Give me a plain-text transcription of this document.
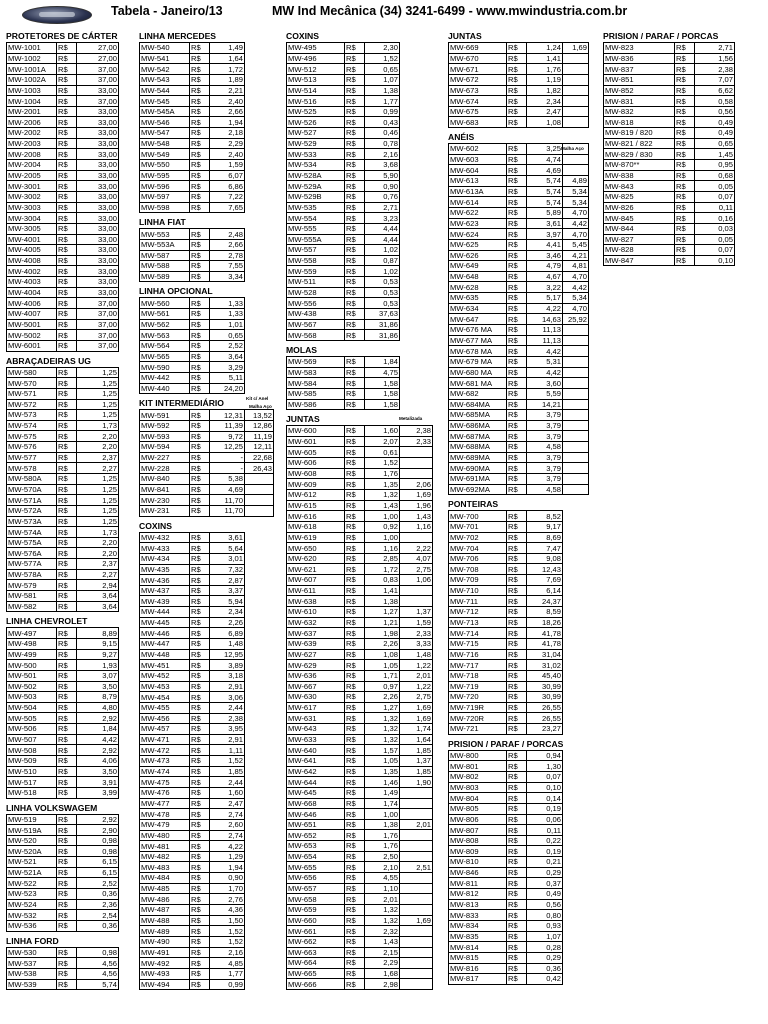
Tabela - Janeiro/13	MW Ind Mecânica (34) 3241-6499 - www.mwindustria.com.br
PROTETORES DE CÁRTER
MW-1001	R$	27,00
MW-1002	R$	27,00
MW-1001A	R$	37,00
MW-1002A	R$	37,00
MW-1003	R$	33,00
MW-1004	R$	37,00
MW-2001	R$	33,00
MW-2006	R$	33,00
MW-2002	R$	33,00
MW-2003	R$	33,00
MW-2008	R$	33,00
MW-2004	R$	33,00
MW-2005	R$	33,00
MW-3001	R$	33,00
MW-3002	R$	33,00
MW-3003	R$	33,00
MW-3004	R$	33,00
MW-3005	R$	33,00
MW-4001	R$	33,00
MW-4005	R$	33,00
MW-4008	R$	33,00
MW-4002	R$	33,00
MW-4003	R$	33,00
MW-4004	R$	33,00
MW-4006	R$	37,00
MW-4007	R$	37,00
MW-5001	R$	37,00
MW-5002	R$	37,00
MW-6001	R$	37,00
ABRAÇADEIRAS UG
MW-580	R$	1,25
MW-570	R$	1,25
MW-571	R$	1,25
MW-572	R$	1,25
MW-573	R$	1,25
MW-574	R$	1,73
MW-575	R$	2,20
MW-576	R$	2,20
MW-577	R$	2,37
MW-578	R$	2,27
MW-580A	R$	1,25
MW-570A	R$	1,25
MW-571A	R$	1,25
MW-572A	R$	1,25
MW-573A	R$	1,25
MW-574A	R$	1,73
MW-575A	R$	2,20
MW-576A	R$	2,20
MW-577A	R$	2,37
MW-578A	R$	2,27
MW-579	R$	2,94
MW-581	R$	3,64
MW-582	R$	3,64
LINHA CHEVROLET
MW-497	R$	8,89
MW-498	R$	9,15
MW-499	R$	9,27
MW-500	R$	1,93
MW-501	R$	3,07
MW-502	R$	3,50
MW-503	R$	8,79
MW-504	R$	4,80
MW-505	R$	2,92
MW-506	R$	1,84
MW-507	R$	4,42
MW-508	R$	2,92
MW-509	R$	4,06
MW-510	R$	3,50
MW-517	R$	3,91
MW-518	R$	3,99
LINHA VOLKSWAGEM
MW-519	R$	2,92
MW-519A	R$	2,90
MW-520	R$	0,98
MW-520A	R$	0,98
MW-521	R$	6,15
MW-521A	R$	6,15
MW-522	R$	2,52
MW-523	R$	0,36
MW-524	R$	2,36
MW-532	R$	2,54
MW-536	R$	0,36
LINHA FORD
MW-530	R$	0,98
MW-537	R$	4,56
MW-538	R$	4,56
MW-539	R$	5,74
LINHA MERCEDES
MW-540	R$	1,49
MW-541	R$	1,64
MW-542	R$	1,72
MW-543	R$	1,89
MW-544	R$	2,21
MW-545	R$	2,40
MW-545A	R$	2,66
MW-546	R$	1,94
MW-547	R$	2,18
MW-548	R$	2,29
MW-549	R$	2,40
MW-550	R$	1,59
MW-595	R$	6,07
MW-596	R$	6,86
MW-597	R$	7,22
MW-598	R$	7,65
LINHA FIAT
MW-553	R$	2,48
MW-553A	R$	2,66
MW-587	R$	2,78
MW-588	R$	7,55
MW-589	R$	3,34
LINHA OPCIONAL
MW-560	R$	1,33
MW-561	R$	1,33
MW-562	R$	1,01
MW-563	R$	0,65
MW-564	R$	2,52
MW-565	R$	3,64
MW-590	R$	3,29
MW-442	R$	5,11
MW-440	R$	24,20
KIT INTERMEDIÁRIO
MW-591	R$	12,31	13,52
MW-592	R$	11,39	12,86
MW-593	R$	9,72	11,19
MW-594	R$	12,25	12,11
MW-227	R$	-	22,68
MW-228	R$	-	26,43
MW-840	R$	5,38	
MW-841	R$	4,69	
MW-230	R$	11,70	
MW-231	R$	11,70	
Kit c/ Anel
Malha Aço
COXINS
MW-432	R$	3,61
MW-433	R$	5,64
MW-434	R$	3,01
MW-435	R$	7,32
MW-436	R$	2,87
MW-437	R$	3,37
MW-439	R$	5,94
MW-444	R$	2,34
MW-445	R$	2,26
MW-446	R$	6,89
MW-447	R$	1,48
MW-448	R$	12,95
MW-451	R$	3,89
MW-452	R$	3,18
MW-453	R$	2,91
MW-454	R$	3,06
MW-455	R$	2,44
MW-456	R$	2,38
MW-457	R$	3,95
MW-471	R$	2,91
MW-472	R$	1,11
MW-473	R$	1,52
MW-474	R$	1,85
MW-475	R$	2,44
MW-476	R$	1,60
MW-477	R$	2,47
MW-478	R$	2,74
MW-479	R$	2,60
MW-480	R$	2,74
MW-481	R$	4,22
MW-482	R$	1,29
MW-483	R$	1,94
MW-484	R$	0,90
MW-485	R$	1,70
MW-486	R$	2,76
MW-487	R$	4,36
MW-488	R$	1,50
MW-489	R$	1,52
MW-490	R$	1,52
MW-491	R$	2,16
MW-492	R$	4,85
MW-493	R$	1,77
MW-494	R$	0,99
COXINS
MW-495	R$	2,30
MW-496	R$	1,52
MW-512	R$	0,65
MW-513	R$	1,07
MW-514	R$	1,38
MW-516	R$	1,77
MW-525	R$	0,99
MW-526	R$	0,43
MW-527	R$	0,46
MW-529	R$	0,78
MW-533	R$	2,16
MW-534	R$	3,68
MW-528A	R$	5,90
MW-529A	R$	0,90
MW-529B	R$	0,76
MW-535	R$	2,71
MW-554	R$	3,23
MW-555	R$	4,44
MW-555A	R$	4,44
MW-557	R$	1,02
MW-558	R$	0,87
MW-559	R$	1,02
MW-511	R$	0,53
MW-528	R$	0,53
MW-556	R$	0,53
MW-438	R$	37,63
MW-567	R$	31,86
MW-568	R$	31,86
MOLAS
MW-569	R$	1,84
MW-583	R$	4,75
MW-584	R$	1,58
MW-585	R$	1,58
MW-586	R$	1,58
JUNTAS
MW-600	R$	1,60	2,38
MW-601	R$	2,07	2,33
MW-605	R$	0,61	
MW-606	R$	1,52	
MW-608	R$	1,76	
MW-609	R$	1,35	2,06
MW-612	R$	1,32	1,69
MW-615	R$	1,43	1,96
MW-616	R$	1,00	1,43
MW-618	R$	0,92	1,16
MW-619	R$	1,00	
MW-650	R$	1,16	2,22
MW-620	R$	2,85	4,07
MW-621	R$	1,72	2,75
MW-607	R$	0,83	1,06
MW-611	R$	1,41	
MW-638	R$	1,38	
MW-610	R$	1,27	1,37
MW-632	R$	1,21	1,59
MW-637	R$	1,98	2,33
MW-639	R$	2,26	3,33
MW-627	R$	1,08	1,48
MW-629	R$	1,05	1,22
MW-636	R$	1,71	2,01
MW-667	R$	0,97	1,22
MW-630	R$	2,26	2,75
MW-617	R$	1,27	1,69
MW-631	R$	1,32	1,69
MW-643	R$	1,32	1,74
MW-633	R$	1,32	1,64
MW-640	R$	1,57	1,85
MW-641	R$	1,05	1,37
MW-642	R$	1,35	1,85
MW-644	R$	1,46	1,90
MW-645	R$	1,49	
MW-668	R$	1,74	
MW-646	R$	1,00	
MW-651	R$	1,38	2,01
MW-652	R$	1,76	
MW-653	R$	1,76	
MW-654	R$	2,50	
MW-655	R$	2,10	2,51
MW-656	R$	4,55	
MW-657	R$	1,10	
MW-658	R$	2,01	
MW-659	R$	1,32	
MW-660	R$	1,32	1,69
MW-661	R$	2,32	
MW-662	R$	1,43	
MW-663	R$	2,15	
MW-664	R$	2,29	
MW-665	R$	1,68	
MW-666	R$	2,98	
Metalizada
JUNTAS
MW-669	R$	1,24	1,69
MW-670	R$	1,41	
MW-671	R$	1,76	
MW-672	R$	1,19	
MW-673	R$	1,82	
MW-674	R$	2,34	
MW-675	R$	2,47	
MW-683	R$	1,08	
ANÉIS
MW-602	R$	3,25	
MW-603	R$	4,74	
MW-604	R$	4,69	
MW-613	R$	5,74	4,89
MW-613A	R$	5,74	5,34
MW-614	R$	5,74	5,34
MW-622	R$	5,89	4,70
MW-623	R$	3,61	4,42
MW-624	R$	3,97	4,70
MW-625	R$	4,41	5,45
MW-626	R$	3,46	4,21
MW-649	R$	4,79	4,81
MW-648	R$	4,67	4,70
MW-628	R$	3,22	4,42
MW-635	R$	5,17	5,34
MW-634	R$	4,22	4,70
MW-647	R$	14,63	25,92
MW-676 MA	R$	11,13	
MW-677 MA	R$	11,13	
MW-678 MA	R$	4,42	
MW-679 MA	R$	5,31	
MW-680 MA	R$	4,42	
MW-681 MA	R$	3,60	
MW-682	R$	5,59	
MW-684MA	R$	14,21	
MW-685MA	R$	3,79	
MW-686MA	R$	3,79	
MW-687MA	R$	3,79	
MW-688MA	R$	4,58	
MW-689MA	R$	3,79	
MW-690MA	R$	3,79	
MW-691MA	R$	3,79	
MW-692MA	R$	4,58	
Malha Aço
PONTEIRAS
MW-700	R$	8,52
MW-701	R$	9,17
MW-702	R$	8,69
MW-704	R$	7,47
MW-706	R$	9,08
MW-708	R$	12,43
MW-709	R$	7,69
MW-710	R$	6,14
MW-711	R$	24,37
MW-712	R$	8,59
MW-713	R$	18,26
MW-714	R$	41,78
MW-715	R$	41,78
MW-716	R$	31,04
MW-717	R$	31,02
MW-718	R$	45,40
MW-719	R$	30,99
MW-720	R$	30,99
MW-719R	R$	26,55
MW-720R	R$	26,55
MW-721	R$	23,27
PRISION / PARAF / PORCAS
MW-800	R$	0,94
MW-801	R$	1,30
MW-802	R$	0,07
MW-803	R$	0,10
MW-804	R$	0,14
MW-805	R$	0,19
MW-806	R$	0,06
MW-807	R$	0,11
MW-808	R$	0,22
MW-809	R$	0,19
MW-810	R$	0,21
MW-846	R$	0,29
MW-811	R$	0,37
MW-812	R$	0,49
MW-813	R$	0,56
MW-833	R$	0,80
MW-834	R$	0,93
MW-835	R$	1,07
MW-814	R$	0,28
MW-815	R$	0,29
MW-816	R$	0,36
MW-817	R$	0,42
PRISION / PARAF / PORCAS
MW-823	R$	2,71
MW-836	R$	1,56
MW-837	R$	2,38
MW-851	R$	7,07
MW-852	R$	6,62
MW-831	R$	0,58
MW-832	R$	0,56
MW-818	R$	0,49
MW-819 / 820	R$	0,49
MW-821 / 822	R$	0,65
MW-829 / 830	R$	1,45
MW-870**	R$	0,95
MW-838	R$	0,68
MW-843	R$	0,05
MW-825	R$	0,07
MW-826	R$	0,11
MW-845	R$	0,16
MW-844	R$	0,03
MW-827	R$	0,05
MW-828	R$	0,07
MW-847	R$	0,10
